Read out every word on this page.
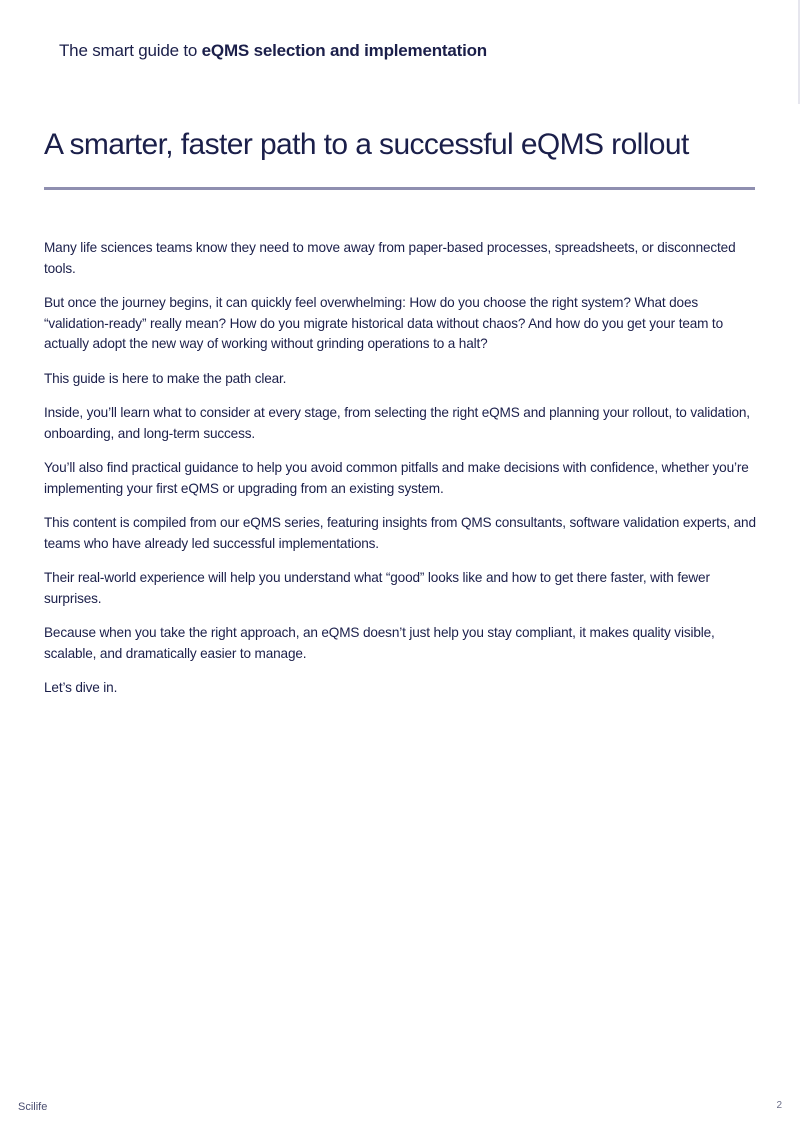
The smart guide to eQMS selection and implementation
A smarter, faster path to a successful eQMS rollout

Many life sciences teams know they need to move away from paper-based processes, spreadsheets, or disconnected tools.

But once the journey begins, it can quickly feel overwhelming: How do you choose the right system? What does “validation-ready” really mean? How do you migrate historical data without chaos? And how do you get your team to actually adopt the new way of working without grinding operations to a halt?

This guide is here to make the path clear.

Inside, you’ll learn what to consider at every stage, from selecting the right eQMS and planning your rollout, to validation, onboarding, and long-term success.

You’ll also find practical guidance to help you avoid common pitfalls and make decisions with confidence, whether you’re implementing your first eQMS or upgrading from an existing system.

This content is compiled from our eQMS series, featuring insights from QMS consultants, software validation experts, and teams who have already led successful implementations.

Their real-world experience will help you understand what “good” looks like and how to get there faster, with fewer surprises.

Because when you take the right approach, an eQMS doesn’t just help you stay compliant, it makes quality visible, scalable, and dramatically easier to manage.

Let’s dive in.

Scilife	2
